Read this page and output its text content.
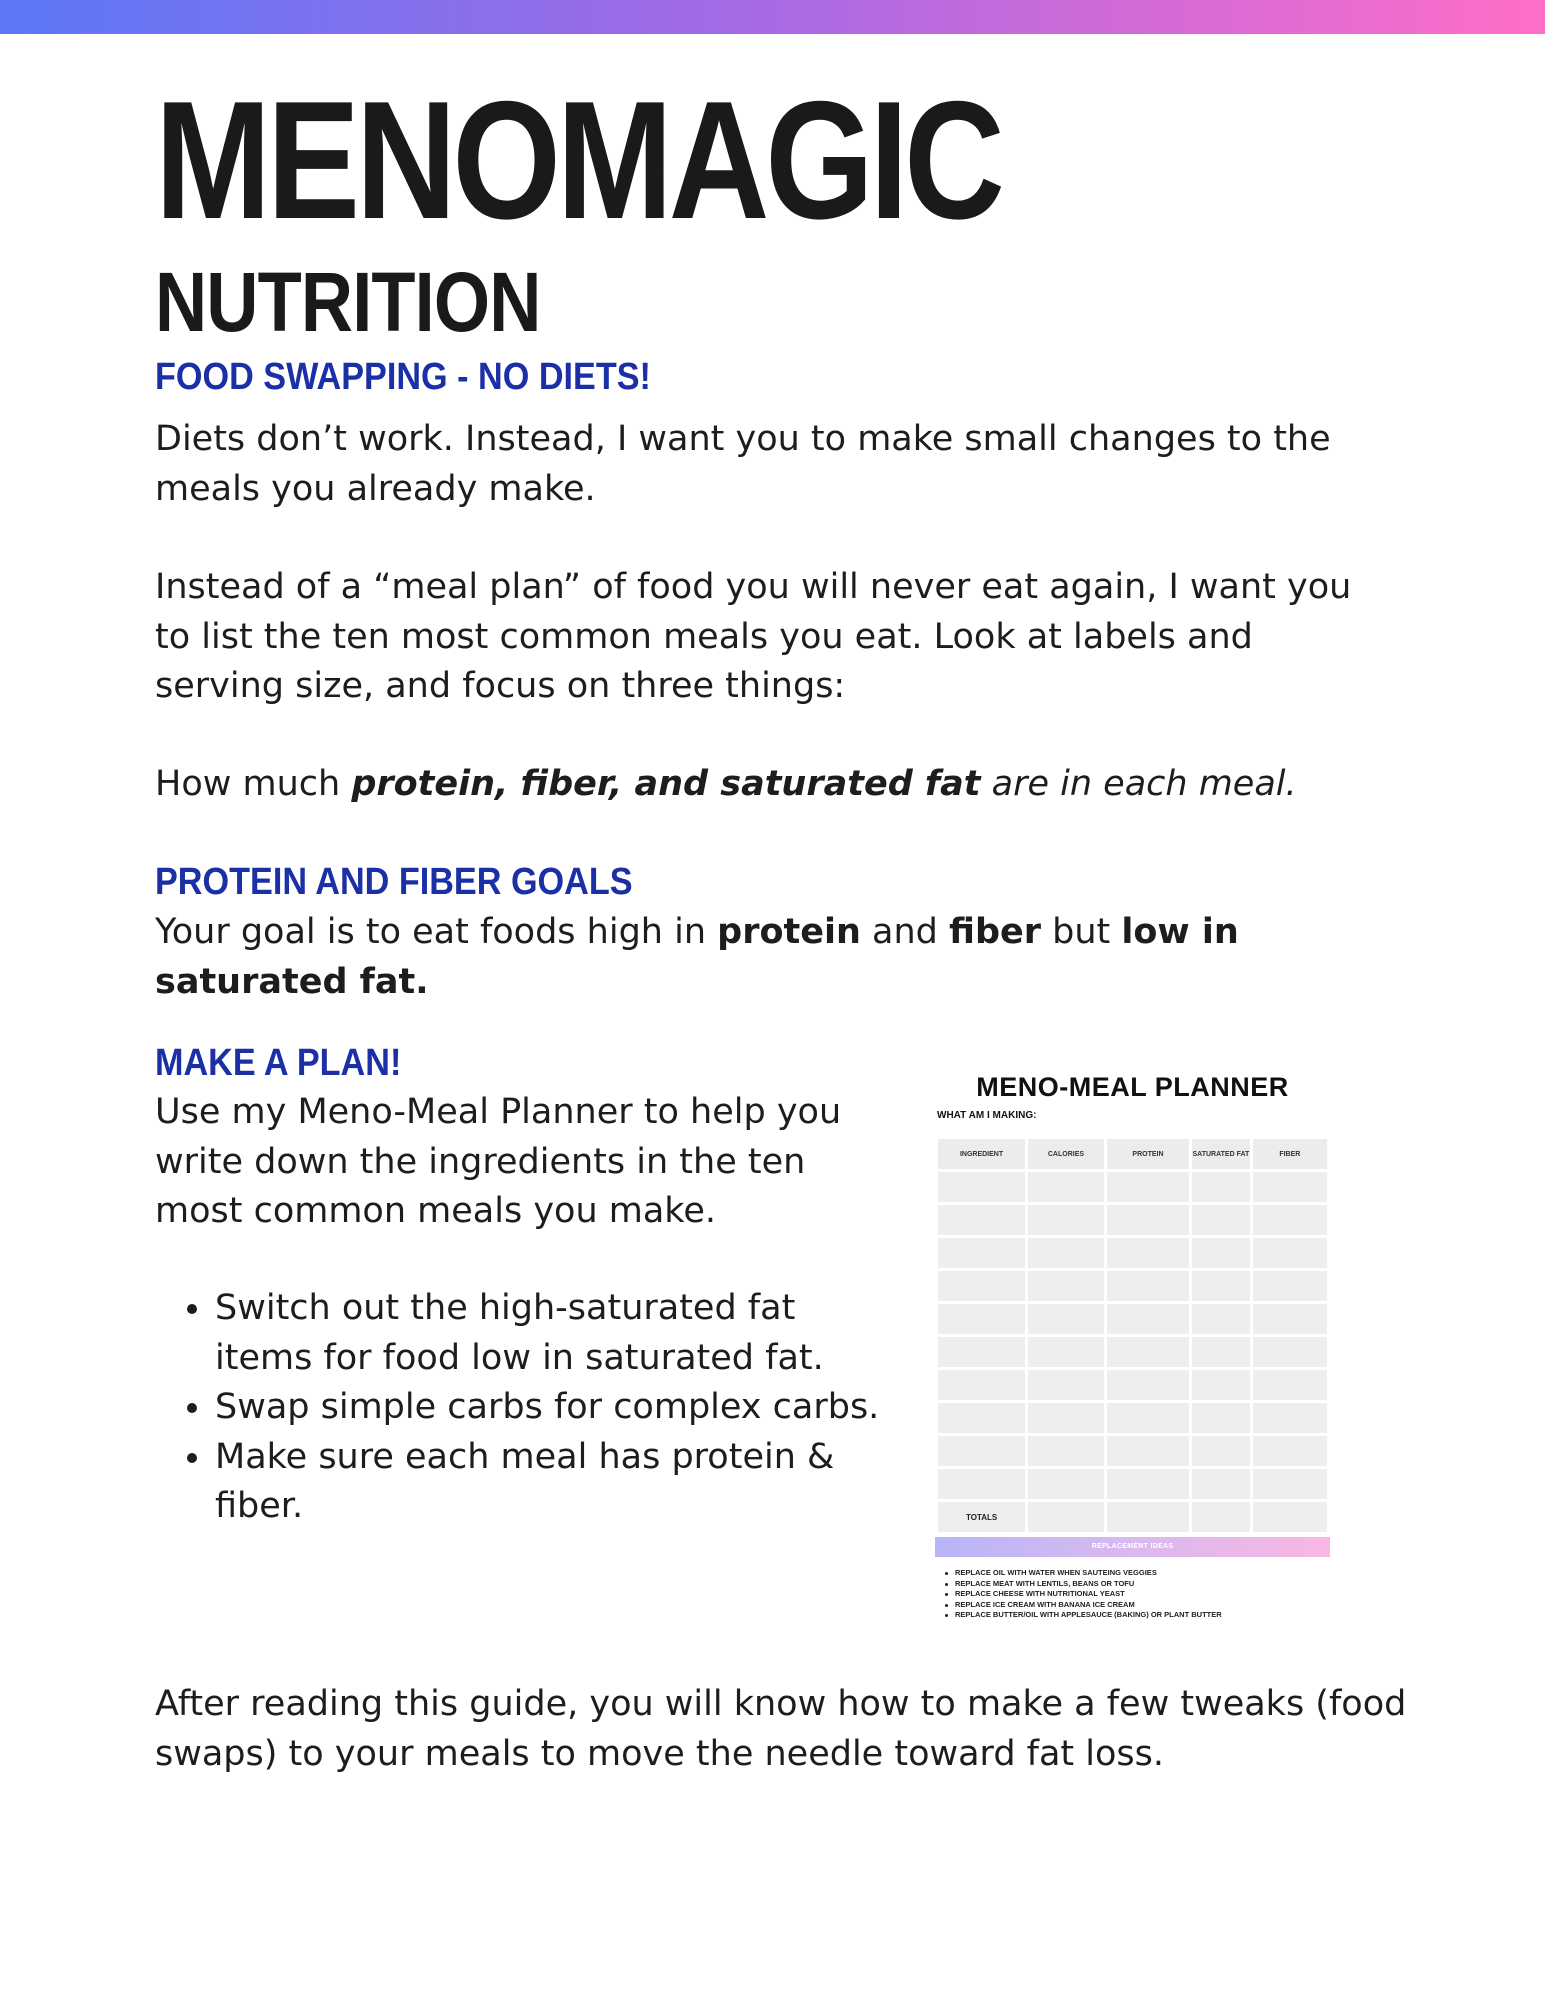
MENOMAGIC
NUTRITION
FOOD SWAPPING - NO DIETS!

Diets don’t work. Instead, I want you to make small changes to the
meals you already make.

Instead of a “meal plan” of food you will never eat again, I want you
to list the ten most common meals you eat. Look at labels and
serving size, and focus on three things:

How much protein, fiber, and saturated fat are in each meal.

PROTEIN AND FIBER GOALS

Your goal is to eat foods high in protein and fiber but low in
saturated fat.

MAKE A PLAN!

Use my Meno-Meal Planner to help you
write down the ingredients in the ten
most common meals you make.

Switch out the high-saturated fat
items for food low in saturated fat.
Swap simple carbs for complex carbs.
Make sure each meal has protein &
fiber.

After reading this guide, you will know how to make a few tweaks (food
swaps) to your meals to move the needle toward fat loss.

MENO-MEAL PLANNER
WHAT AM I MAKING:
INGREDIENT	CALORIES	PROTEIN	SATURATED FAT	FIBER

TOTALS				
REPLACEMENT IDEAS
REPLACE OIL WITH WATER WHEN SAUTEING VEGGIES
REPLACE MEAT WITH LENTILS, BEANS OR TOFU
REPLACE CHEESE WITH NUTRITIONAL YEAST
REPLACE ICE CREAM WITH BANANA ICE CREAM
REPLACE BUTTER/OIL WITH APPLESAUCE (BAKING) OR PLANT BUTTER
